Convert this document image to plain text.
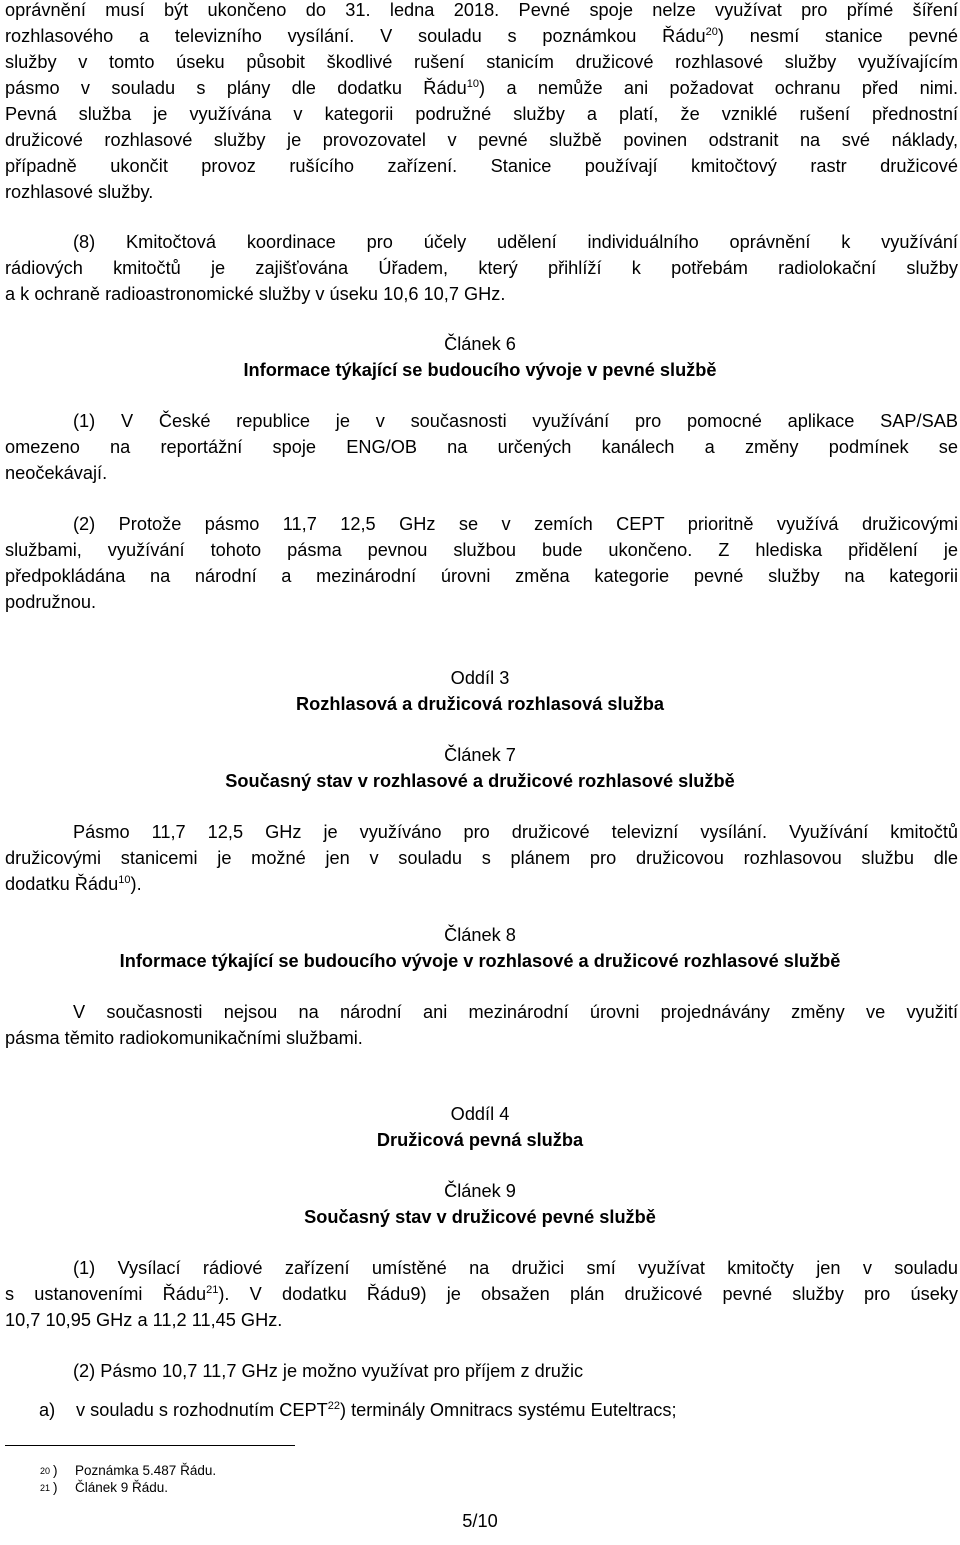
oprávnění musí být ukončeno do 31. ledna 2018. Pevné spoje nelze využívat pro přímé šíření
rozhlasového a televizního vysílání. V souladu s poznámkou Řádu$^{20}$) nesmí stanice pevné
služby v tomto úseku působit škodlivé rušení stanicím družicové rozhlasové služby využívajícím
pásmo v souladu s plány dle dodatku Řádu$^{10}$) a nemůže ani požadovat ochranu před nimi.
Pevná služba je využívána v kategorii podružné služby a platí, že vzniklé rušení přednostní
družicové rozhlasové služby je provozovatel v pevné službě povinen odstranit na své náklady,
případně ukončit provoz rušícího zařízení. Stanice používají kmitočtový rastr družicové
rozhlasové služby.
(8) Kmitočtová koordinace pro účely udělení individuálního oprávnění k využívání
rádiových kmitočtů je zajišťována Úřadem, který přihlíží k potřebám radiolokační služby
a k ochraně radioastronomické služby v úseku 10,6 10,7 GHz.
Článek 6
Informace týkající se budoucího vývoje v pevné službě
(1) V České republice je v současnosti využívání pro pomocné aplikace SAP/SAB
omezeno na reportážní spoje ENG/OB na určených kanálech a změny podmínek se
neočekávají.
(2) Protože pásmo 11,7 12,5 GHz se v zemích CEPT prioritně využívá družicovými
službami, využívání tohoto pásma pevnou službou bude ukončeno. Z hlediska přidělení je
předpokládána na národní a mezinárodní úrovni změna kategorie pevné služby na kategorii
podružnou.
Oddíl 3
Rozhlasová a družicová rozhlasová služba
Článek 7
Současný stav v rozhlasové a družicové rozhlasové službě
Pásmo 11,7 12,5 GHz je využíváno pro družicové televizní vysílání. Využívání kmitočtů
družicovými stanicemi je možné jen v souladu s plánem pro družicovou rozhlasovou službu dle
dodatku Řádu$^{10}$).
Článek 8
Informace týkající se budoucího vývoje v rozhlasové a družicové rozhlasové službě
V současnosti nejsou na národní ani mezinárodní úrovni projednávány změny ve využití
pásma těmito radiokomunikačními službami.
Oddíl 4
Družicová pevná služba
Článek 9
Současný stav v družicové pevné službě
(1) Vysílací rádiové zařízení umístěné na družici smí využívat kmitočty jen v souladu
s ustanoveními Řádu$^{21}$). V dodatku Řádu9) je obsažen plán družicové pevné služby pro úseky
10,7 10,95 GHz a 11,2 11,45 GHz.
(2) Pásmo 10,7 11,7 GHz je možno využívat pro příjem z družic
a) v souladu s rozhodnutím CEPT$^{22}$) terminály Omnitracs systému Euteltracs;
$^{20}$ ) Poznámka 5.487 Řádu.
$^{21}$ ) Článek 9 Řádu.
5/10
